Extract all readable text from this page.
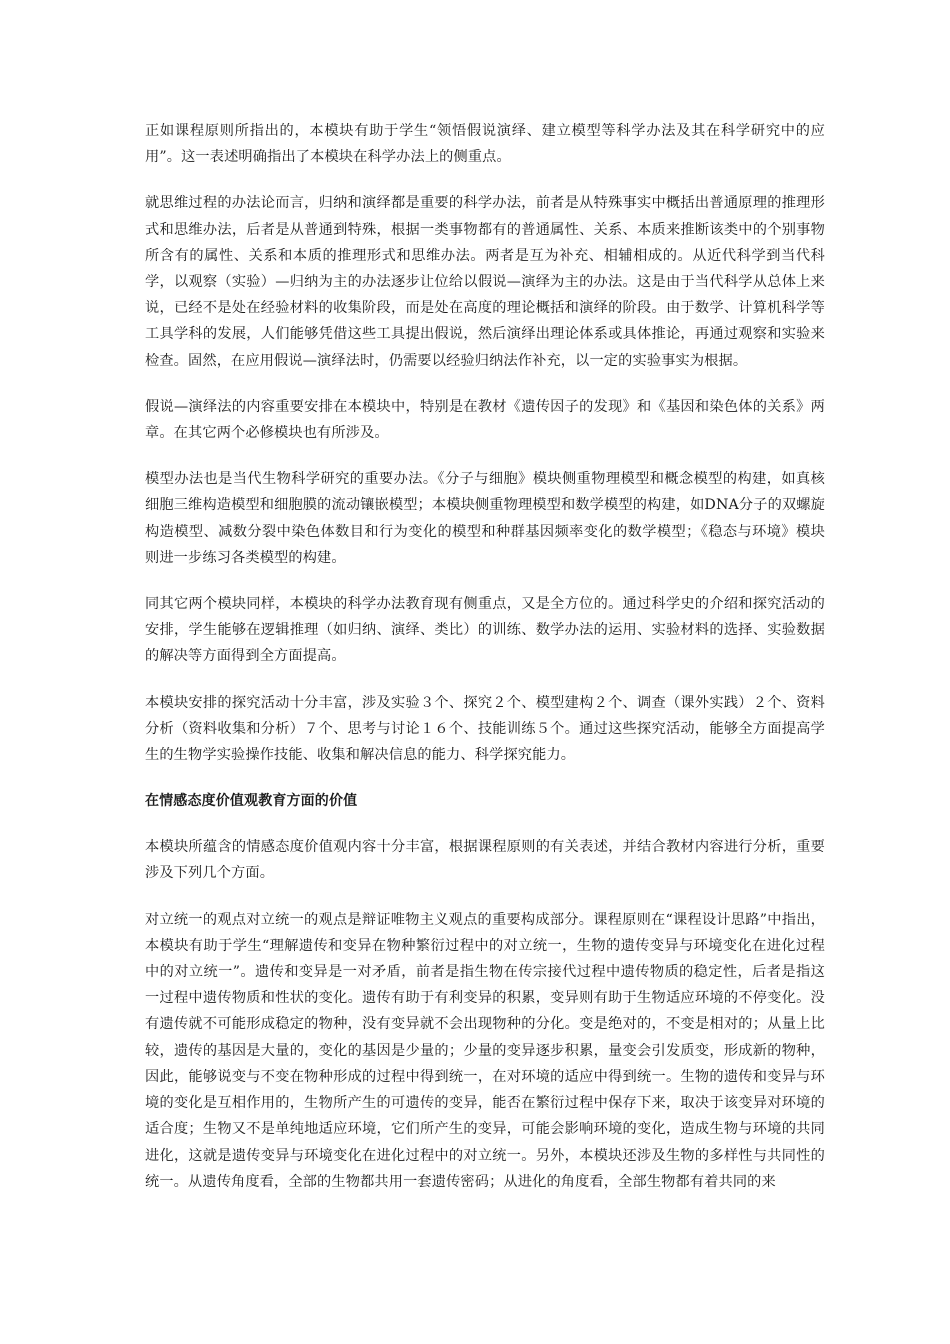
正如课程原则所指出的，本模块有助于学生“领悟假说演绎、建立模型等科学办法及其在科学研究中的应用”。这一表述明确指出了本模块在科学办法上的侧重点。

就思维过程的办法论而言，归纳和演绎都是重要的科学办法，前者是从特殊事实中概括出普通原理的推理形式和思维办法，后者是从普通到特殊，根据一类事物都有的普通属性、关系、本质来推断该类中的个别事物所含有的属性、关系和本质的推理形式和思维办法。两者是互为补充、相辅相成的。从近代科学到当代科学，以观察（实验）—归纳为主的办法逐步让位给以假说—演绎为主的办法。这是由于当代科学从总体上来说，已经不是处在经验材料的收集阶段，而是处在高度的理论概括和演绎的阶段。由于数学、计算机科学等工具学科的发展，人们能够凭借这些工具提出假说，然后演绎出理论体系或具体推论，再通过观察和实验来检查。固然，在应用假说—演绎法时，仍需要以经验归纳法作补充，以一定的实验事实为根据。

假说—演绎法的内容重要安排在本模块中，特别是在教材《遗传因子的发现》和《基因和染色体的关系》两章。在其它两个必修模块也有所涉及。

模型办法也是当代生物科学研究的重要办法。《分子与细胞》模块侧重物理模型和概念模型的构建，如真核细胞三维构造模型和细胞膜的流动镶嵌模型；本模块侧重物理模型和数学模型的构建，如DNA分子的双螺旋构造模型、减数分裂中染色体数目和行为变化的模型和种群基因频率变化的数学模型；《稳态与环境》模块则进一步练习各类模型的构建。

同其它两个模块同样，本模块的科学办法教育现有侧重点，又是全方位的。通过科学史的介绍和探究活动的安排，学生能够在逻辑推理（如归纳、演绎、类比）的训练、数学办法的运用、实验材料的选择、实验数据的解决等方面得到全方面提高。

本模块安排的探究活动十分丰富，涉及实验３个、探究２个、模型建构２个、调查（课外实践）２个、资料分析（资料收集和分析）７个、思考与讨论１６个、技能训练５个。通过这些探究活动，能够全方面提高学生的生物学实验操作技能、收集和解决信息的能力、科学探究能力。

在情感态度价值观教育方面的价值

本模块所蕴含的情感态度价值观内容十分丰富，根据课程原则的有关表述，并结合教材内容进行分析，重要涉及下列几个方面。

对立统一的观点对立统一的观点是辩证唯物主义观点的重要构成部分。课程原则在“课程设计思路”中指出，本模块有助于学生“理解遗传和变异在物种繁衍过程中的对立统一，生物的遗传变异与环境变化在进化过程中的对立统一”。遗传和变异是一对矛盾，前者是指生物在传宗接代过程中遗传物质的稳定性，后者是指这一过程中遗传物质和性状的变化。遗传有助于有利变异的积累，变异则有助于生物适应环境的不停变化。没有遗传就不可能形成稳定的物种，没有变异就不会出现物种的分化。变是绝对的，不变是相对的；从量上比较，遗传的基因是大量的，变化的基因是少量的；少量的变异逐步积累，量变会引发质变，形成新的物种，因此，能够说变与不变在物种形成的过程中得到统一，在对环境的适应中得到统一。生物的遗传和变异与环境的变化是互相作用的，生物所产生的可遗传的变异，能否在繁衍过程中保存下来，取决于该变异对环境的适合度；生物又不是单纯地适应环境，它们所产生的变异，可能会影响环境的变化，造成生物与环境的共同进化，这就是遗传变异与环境变化在进化过程中的对立统一。另外，本模块还涉及生物的多样性与共同性的统一。从遗传角度看，全部的生物都共用一套遗传密码；从进化的角度看，全部生物都有着共同的来
